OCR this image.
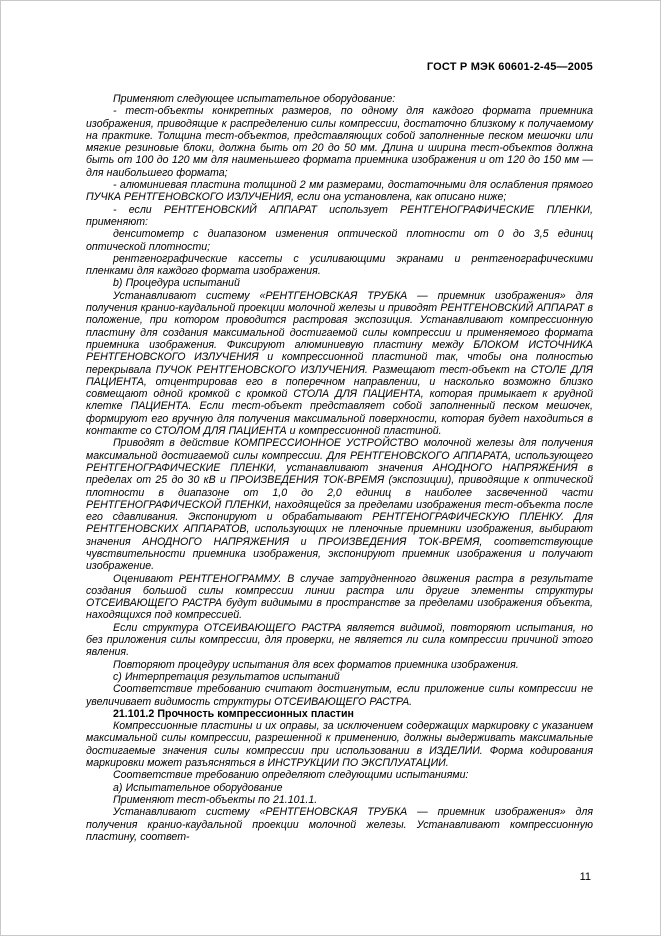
ГОСТ Р МЭК 60601-2-45—2005

Применяют следующее испытательное оборудование:

- тест-объекты конкретных размеров, по одному для каждого формата приемника изображения, приводящие к распределению силы компрессии, достаточно близкому к получаемому на практике. Толщина тест-объектов, представляющих собой заполненные песком мешочки или мягкие резиновые блоки, должна быть от 20 до 50 мм. Длина и ширина тест-объектов должна быть от 100 до 120 мм для наименьшего формата приемника изображения и от 120 до 150 мм — для наибольшего формата;

- алюминиевая пластина толщиной 2 мм размерами, достаточными для ослабления прямого ПУЧКА РЕНТГЕНОВСКОГО ИЗЛУЧЕНИЯ, если она установлена, как описано ниже;

- если РЕНТГЕНОВСКИЙ АППАРАТ использует РЕНТГЕНОГРАФИЧЕСКИЕ ПЛЕНКИ, применяют:

денситометр с диапазоном изменения оптической плотности от 0 до 3,5 единиц оптической плотности;

рентгенографические кассеты с усиливающими экранами и рентгенографическими пленками для каждого формата изображения.

b) Процедура испытаний

Устанавливают систему «РЕНТГЕНОВСКАЯ ТРУБКА — приемник изображения» для получения кранио-каудальной проекции молочной железы и приводят РЕНТГЕНОВСКИЙ АППАРАТ в положение, при котором проводится растровая экспозиция. Устанавливают компрессионную пластину для создания максимальной достигаемой силы компрессии и применяемого формата приемника изображения. Фиксируют алюминиевую пластину между БЛОКОМ ИСТОЧНИКА РЕНТГЕНОВСКОГО ИЗЛУЧЕНИЯ и компрессионной пластиной так, чтобы она полностью перекрывала ПУЧОК РЕНТГЕНОВСКОГО ИЗЛУЧЕНИЯ. Размещают тест-объект на СТОЛЕ ДЛЯ ПАЦИЕНТА, отцентрировав его в поперечном направлении, и насколько возможно близко совмещают одной кромкой с кромкой СТОЛА ДЛЯ ПАЦИЕНТА, которая примыкает к грудной клетке ПАЦИЕНТА. Если тест-объект представляет собой заполненный песком мешочек, формируют его вручную для получения максимальной поверхности, которая будет находиться в контакте со СТОЛОМ ДЛЯ ПАЦИЕНТА и компрессионной пластиной.

Приводят в действие КОМПРЕССИОННОЕ УСТРОЙСТВО молочной железы для получения максимальной достигаемой силы компрессии. Для РЕНТГЕНОВСКОГО АППАРАТА, использующего РЕНТГЕНОГРАФИЧЕСКИЕ ПЛЕНКИ, устанавливают значения АНОДНОГО НАПРЯЖЕНИЯ в пределах от 25 до 30 кВ и ПРОИЗВЕДЕНИЯ ТОК-ВРЕМЯ (экспозиции), приводящие к оптической плотности в диапазоне от 1,0 до 2,0 единиц в наиболее засвеченной части РЕНТГЕНОГРАФИЧЕСКОЙ ПЛЕНКИ, находящейся за пределами изображения тест-объекта после его сдавливания. Экспонируют и обрабатывают РЕНТГЕНОГРАФИЧЕСКУЮ ПЛЕНКУ. Для РЕНТГЕНОВСКИХ АППАРАТОВ, использующих не пленочные приемники изображения, выбирают значения АНОДНОГО НАПРЯЖЕНИЯ и ПРОИЗВЕДЕНИЯ ТОК-ВРЕМЯ, соответствующие чувствительности приемника изображения, экспонируют приемник изображения и получают изображение.

Оценивают РЕНТГЕНОГРАММУ. В случае затрудненного движения растра в результате создания большой силы компрессии линии растра или другие элементы структуры ОТСЕИВАЮЩЕГО РАСТРА будут видимыми в пространстве за пределами изображения объекта, находящихся под компрессией.

Если структура ОТСЕИВАЮЩЕГО РАСТРА является видимой, повторяют испытания, но без приложения силы компрессии, для проверки, не является ли сила компрессии причиной этого явления.

Повторяют процедуру испытания для всех форматов приемника изображения.

c) Интерпретация результатов испытаний

Соответствие требованию считают достигнутым, если приложение силы компрессии не увеличивает видимость структуры ОТСЕИВАЮЩЕГО РАСТРА.

21.101.2 Прочность компрессионных пластин

Компрессионные пластины и их оправы, за исключением содержащих маркировку с указанием максимальной силы компрессии, разрешенной к применению, должны выдерживать максимальные достигаемые значения силы компрессии при использовании в ИЗДЕЛИИ. Форма кодирования маркировки может разъясняться в ИНСТРУКЦИИ ПО ЭКСПЛУАТАЦИИ.

Соответствие требованию определяют следующими испытаниями:

a) Испытательное оборудование

Применяют тест-объекты по 21.101.1.

Устанавливают систему «РЕНТГЕНОВСКАЯ ТРУБКА — приемник изображения» для получения кранио-каудальной проекции молочной железы. Устанавливают компрессионную пластину, соответ-

11
